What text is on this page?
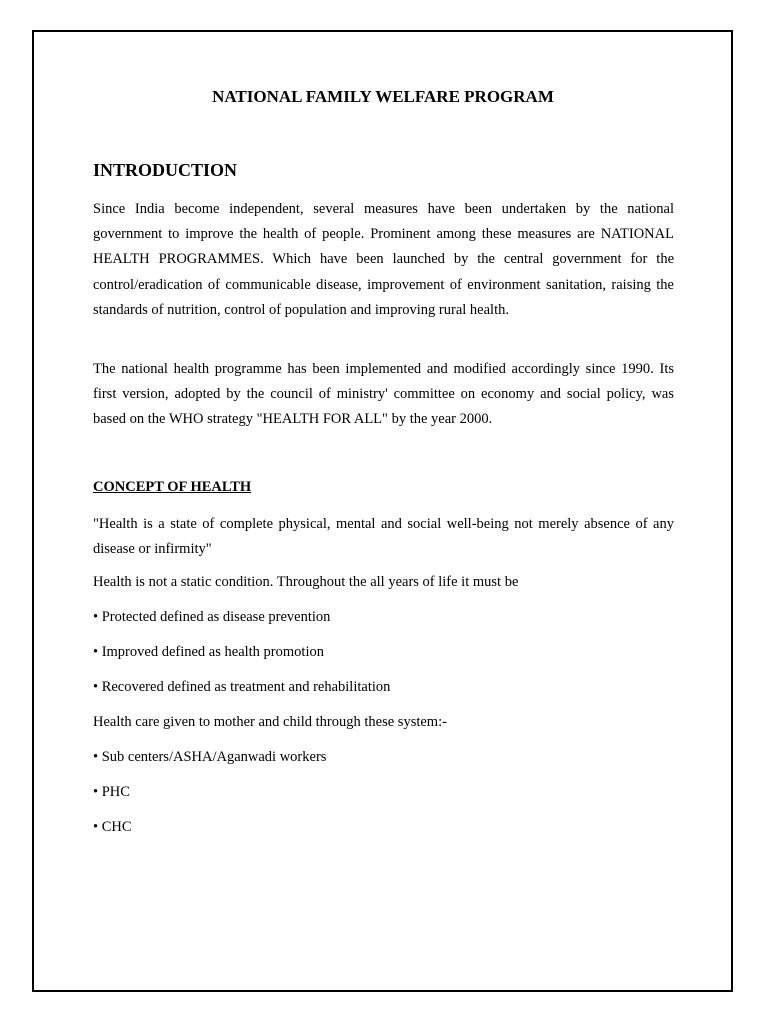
NATIONAL FAMILY WELFARE PROGRAM
INTRODUCTION

Since India become independent, several measures have been undertaken by the national government to improve the health of people. Prominent among these measures are NATIONAL HEALTH PROGRAMMES. Which have been launched by the central government for the control/eradication of communicable disease, improvement of environment sanitation, raising the standards of nutrition, control of population and improving rural health.

The national health programme has been implemented and modified accordingly since 1990. Its first version, adopted by the council of ministry' committee on economy and social policy, was based on the WHO strategy "HEALTH FOR ALL" by the year 2000.

CONCEPT OF HEALTH

"Health is a state of complete physical, mental and social well-being not merely absence of any disease or infirmity"

Health is not a static condition. Throughout the all years of life it must be

• Protected defined as disease prevention

• Improved defined as health promotion

• Recovered defined as treatment and rehabilitation

Health care given to mother and child through these system:-

• Sub centers/ASHA/Aganwadi workers

• PHC

• CHC
